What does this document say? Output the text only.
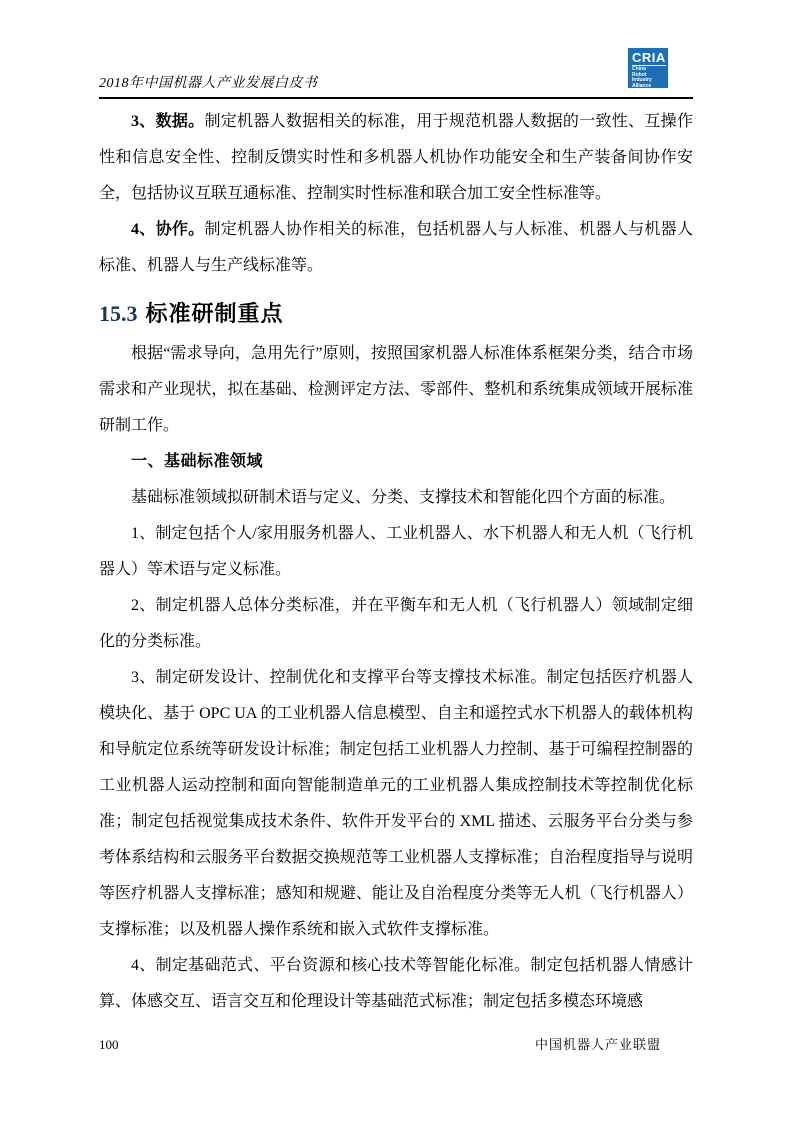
2018年中国机器人产业发展白皮书
CRIA
China
Robot
Industry
Alliance

3、数据。制定机器人数据相关的标准，用于规范机器人数据的一致性、互操作性和信息安全性、控制反馈实时性和多机器人机协作功能安全和生产装备间协作安全，包括协议互联互通标准、控制实时性标准和联合加工安全性标准等。

4、协作。制定机器人协作相关的标准，包括机器人与人标准、机器人与机器人标准、机器人与生产线标准等。

15.3 标准研制重点

根据“需求导向，急用先行”原则，按照国家机器人标准体系框架分类，结合市场需求和产业现状，拟在基础、检测评定方法、零部件、整机和系统集成领域开展标准研制工作。

一、基础标准领域

基础标准领域拟研制术语与定义、分类、支撑技术和智能化四个方面的标准。

1、制定包括个人/家用服务机器人、工业机器人、水下机器人和无人机（飞行机器人）等术语与定义标准。

2、制定机器人总体分类标准，并在平衡车和无人机（飞行机器人）领域制定细化的分类标准。

3、制定研发设计、控制优化和支撑平台等支撑技术标准。制定包括医疗机器人模块化、基于 OPC UA 的工业机器人信息模型、自主和遥控式水下机器人的载体机构和导航定位系统等研发设计标准；制定包括工业机器人力控制、基于可编程控制器的工业机器人运动控制和面向智能制造单元的工业机器人集成控制技术等控制优化标准；制定包括视觉集成技术条件、软件开发平台的 XML 描述、云服务平台分类与参考体系结构和云服务平台数据交换规范等工业机器人支撑标准；自治程度指导与说明等医疗机器人支撑标准；感知和规避、能让及自治程度分类等无人机（飞行机器人）支撑标准；以及机器人操作系统和嵌入式软件支撑标准。

4、制定基础范式、平台资源和核心技术等智能化标准。制定包括机器人情感计算、体感交互、语言交互和伦理设计等基础范式标准；制定包括多模态环境感

100	中国机器人产业联盟
